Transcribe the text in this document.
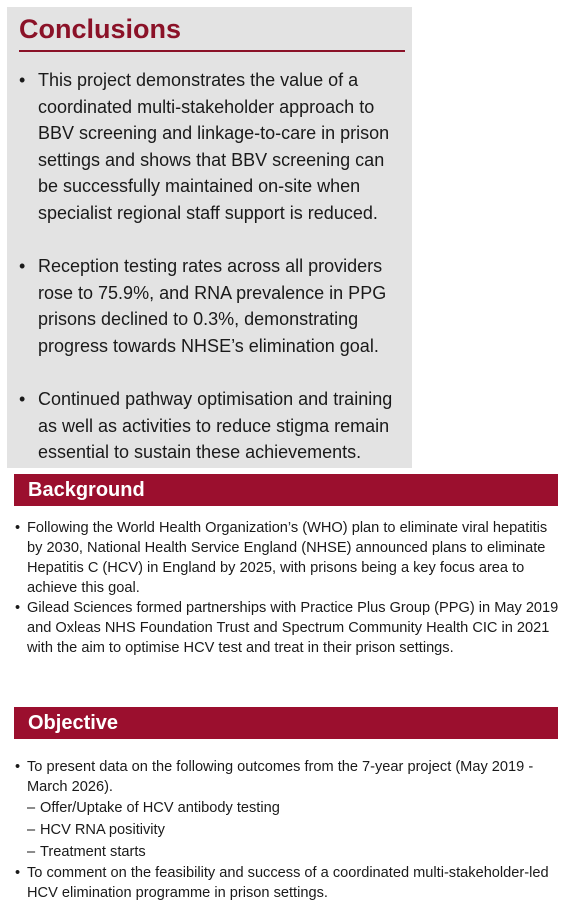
Conclusions
• This project demonstrates the value of a coordinated multi-stakeholder approach to BBV screening and linkage-to-care in prison settings and shows that BBV screening can be successfully maintained on-site when specialist regional staff support is reduced.
• Reception testing rates across all providers rose to 75.9%, and RNA prevalence in PPG prisons declined to 0.3%, demonstrating progress towards NHSE’s elimination goal.
• Continued pathway optimisation and training as well as activities to reduce stigma remain essential to sustain these achievements.
Background
• Following the World Health Organization’s (WHO) plan to eliminate viral hepatitis by 2030, National Health Service England (NHSE) announced plans to eliminate Hepatitis C (HCV) in England by 2025, with prisons being a key focus area to achieve this goal.
• Gilead Sciences formed partnerships with Practice Plus Group (PPG) in May 2019 and Oxleas NHS Foundation Trust and Spectrum Community Health CIC in 2021 with the aim to optimise HCV test and treat in their prison settings.
Objective
• To present data on the following outcomes from the 7-year project (May 2019 - March 2026).
– Offer/Uptake of HCV antibody testing
– HCV RNA positivity
– Treatment starts
• To comment on the feasibility and success of a coordinated multi-stakeholder-led HCV elimination programme in prison settings.
